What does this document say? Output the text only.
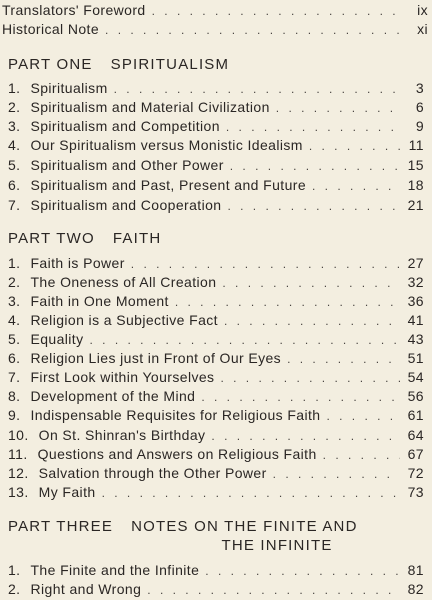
Translators' Foreword . . .	ix
Historical Note . . .	xi
PART ONE SPIRITUALISM
1. Spiritualism . . .	3
2. Spiritualism and Material Civilization . . .	6
3. Spiritualism and Competition . . .	9
4. Our Spiritualism versus Monistic Idealism . . .	11
5. Spiritualism and Other Power . . .	15
6. Spiritualism and Past, Present and Future . . .	18
7. Spiritualism and Cooperation . . .	21
PART TWO FAITH
1. Faith is Power . . .	27
2. The Oneness of All Creation . . .	32
3. Faith in One Moment . . .	36
4. Religion is a Subjective Fact . . .	41
5. Equality . . .	43
6. Religion Lies just in Front of Our Eyes . . .	51
7. First Look within Yourselves . . .	54
8. Development of the Mind . . .	56
9. Indispensable Requisites for Religious Faith . . .	61
10. On St. Shinran's Birthday . . .	64
11. Questions and Answers on Religious Faith . . .	67
12. Salvation through the Other Power . . .	72
13. My Faith . . .	73
PART THREE NOTES ON THE FINITE AND
THE INFINITE
1. The Finite and the Infinite . . .	81
2. Right and Wrong . . .	82
